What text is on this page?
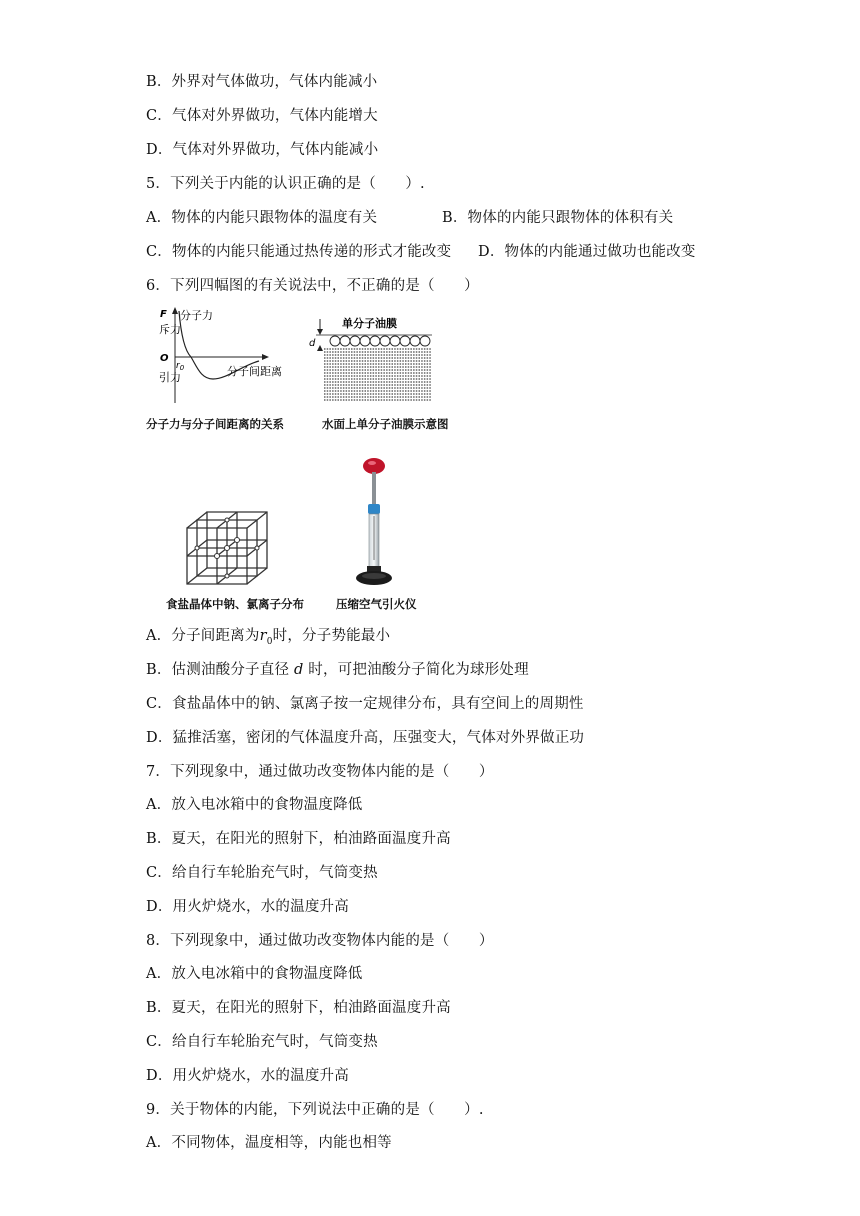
B．外界对气体做功，气体内能减小
C．气体对外界做功，气体内能增大
D．气体对外界做功，气体内能减小
5．下列关于内能的认识正确的是（　　）.
A．物体的内能只跟物体的温度有关	B．物体的内能只跟物体的体积有关
C．物体的内能只能通过热传递的形式才能改变 D．物体的内能通过做功也能改变
6．下列四幅图的有关说法中，不正确的是（　　）
F 分子力
斥力
O
引力
$r_0$	分子间距离
分子力与分子间距离的关系
单分子油膜
d
水面上单分子油膜示意图
食盐晶体中钠、氯离子分布	压缩空气引火仪
A．分子间距离为$r_0$时，分子势能最小
B．估测油酸分子直径 d 时，可把油酸分子简化为球形处理
C．食盐晶体中的钠、氯离子按一定规律分布，具有空间上的周期性
D．猛推活塞，密闭的气体温度升高，压强变大，气体对外界做正功
7．下列现象中，通过做功改变物体内能的是（　　）
A．放入电冰箱中的食物温度降低
B．夏天，在阳光的照射下，柏油路面温度升高
C．给自行车轮胎充气时，气筒变热
D．用火炉烧水，水的温度升高
8．下列现象中，通过做功改变物体内能的是（　　）
A．放入电冰箱中的食物温度降低
B．夏天，在阳光的照射下，柏油路面温度升高
C．给自行车轮胎充气时，气筒变热
D．用火炉烧水，水的温度升高
9．关于物体的内能，下列说法中正确的是（　　）.
A．不同物体，温度相等，内能也相等
